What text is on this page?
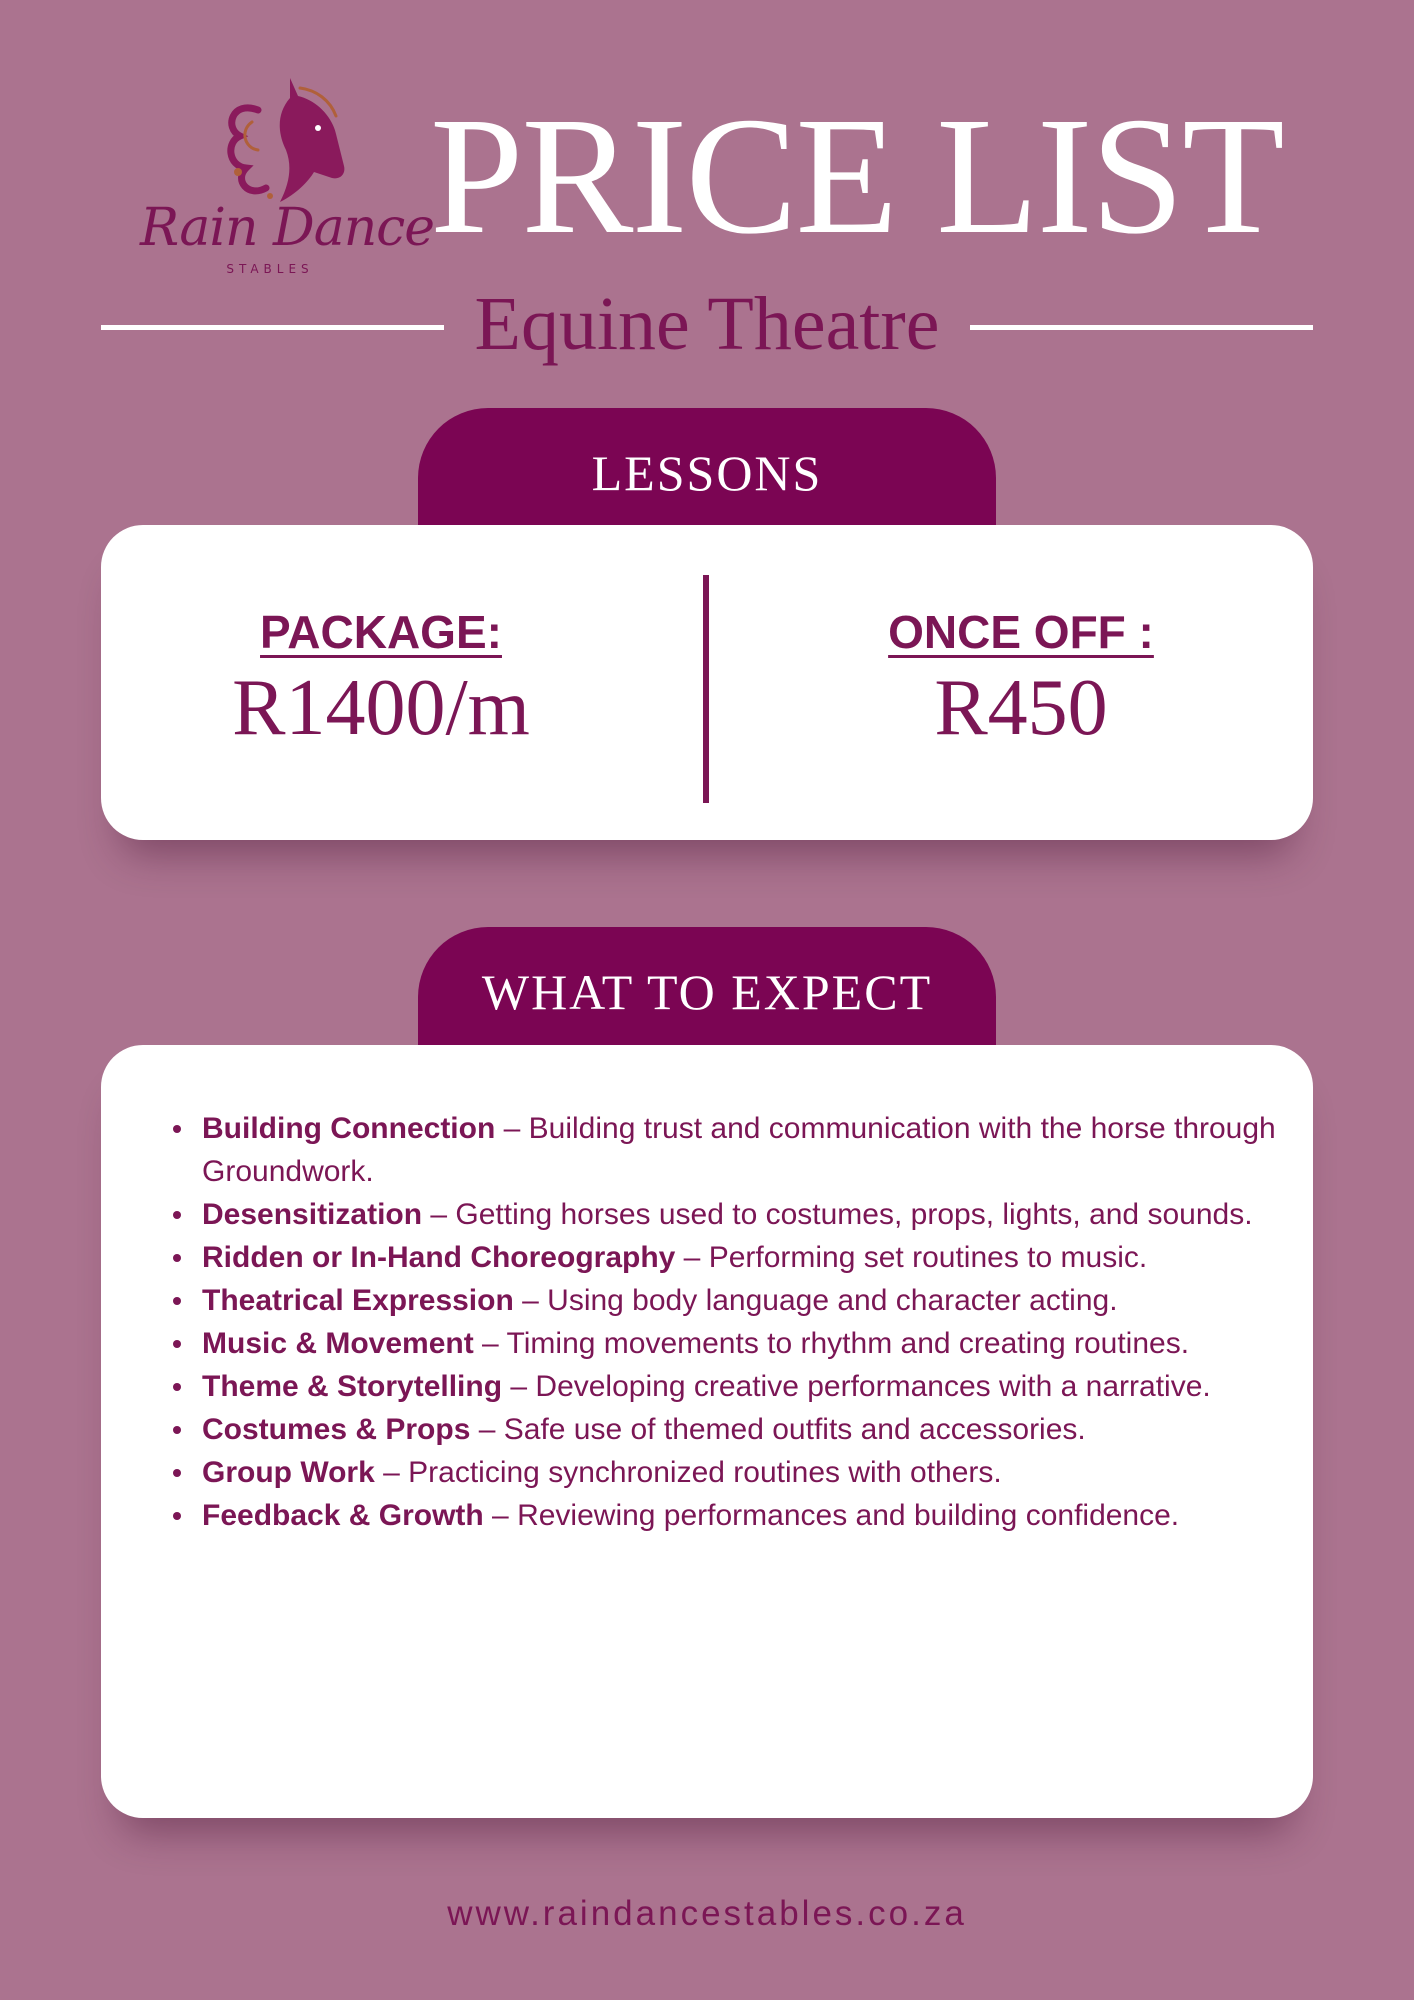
Rain Dance
STABLES PRICE LIST
Equine Theatre
LESSONS
PACKAGE:
R1400/m
ONCE OFF :
R450
WHAT TO EXPECT
Building Connection – Building trust and communication with the horse through Groundwork.
Desensitization – Getting horses used to costumes, props, lights, and sounds.
Ridden or In-Hand Choreography – Performing set routines to music.
Theatrical Expression – Using body language and character acting.
Music & Movement – Timing movements to rhythm and creating routines.
Theme & Storytelling – Developing creative performances with a narrative.
Costumes & Props – Safe use of themed outfits and accessories.
Group Work – Practicing synchronized routines with others.
Feedback & Growth – Reviewing performances and building confidence.
www.raindancestables.co.za
